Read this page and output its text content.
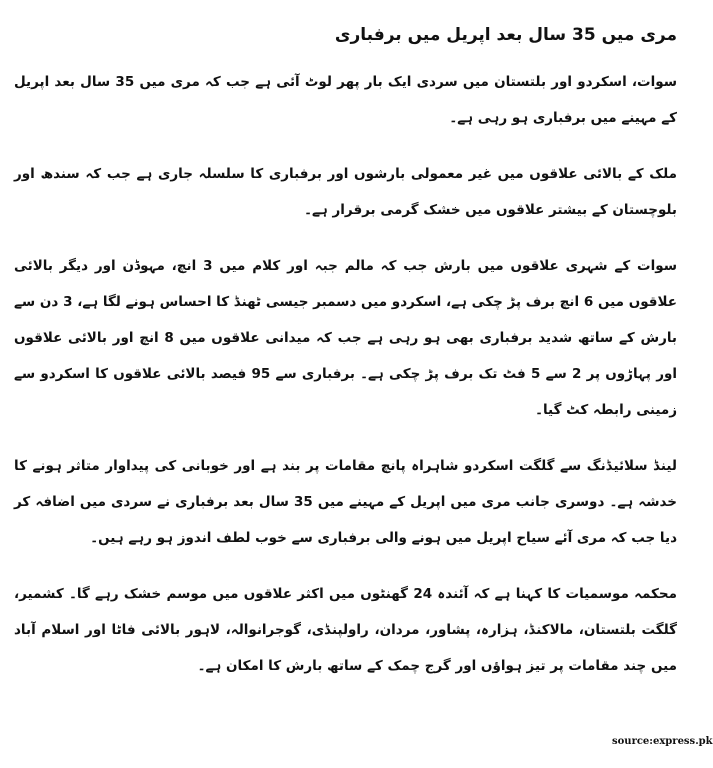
مری میں 35 سال بعد اپریل میں برفباری

سوات، اسکردو اور بلتستان میں سردی ایک بار پھر لوٹ آئی ہے جب کہ مری میں 35 سال بعد اپریل کے مہینے میں برفباری ہو رہی ہے۔

ملک کے بالائی علاقوں میں غیر معمولی بارشوں اور برفباری کا سلسلہ جاری ہے جب کہ سندھ اور بلوچستان کے بیشتر علاقوں میں خشک گرمی برقرار ہے۔

سوات کے شہری علاقوں میں بارش جب کہ مالم جبہ اور کلام میں 3 انچ، مہوڈن اور دیگر بالائی علاقوں میں 6 انچ برف پڑ چکی ہے، اسکردو میں دسمبر جیسی ٹھنڈ کا احساس ہونے لگا ہے، 3 دن سے بارش کے ساتھ شدید برفباری بھی ہو رہی ہے جب کہ میدانی علاقوں میں 8 انچ اور بالائی علاقوں اور پہاڑوں پر 2 سے 5 فٹ تک برف پڑ چکی ہے۔ برفباری سے 95 فیصد بالائی علاقوں کا اسکردو سے زمینی رابطہ کٹ گیا۔

لینڈ سلائیڈنگ سے گلگت اسکردو شاہراہ پانچ مقامات پر بند ہے اور خوبانی کی پیداوار متاثر ہونے کا خدشہ ہے۔ دوسری جانب مری میں اپریل کے مہینے میں 35 سال بعد برفباری نے سردی میں اضافہ کر دیا جب کہ مری آئے سیاح اپریل میں ہونے والی برفباری سے خوب لطف اندوز ہو رہے ہیں۔

محکمہ موسمیات کا کہنا ہے کہ آئندہ 24 گھنٹوں میں اکثر علاقوں میں موسم خشک رہے گا۔ کشمیر، گلگت بلتستان، مالاکنڈ، ہزارہ، پشاور، مردان، راولپنڈی، گوجرانوالہ، لاہور بالائی فاٹا اور اسلام آباد میں چند مقامات پر تیز ہواؤں اور گرج چمک کے ساتھ بارش کا امکان ہے۔

source:express.pk
